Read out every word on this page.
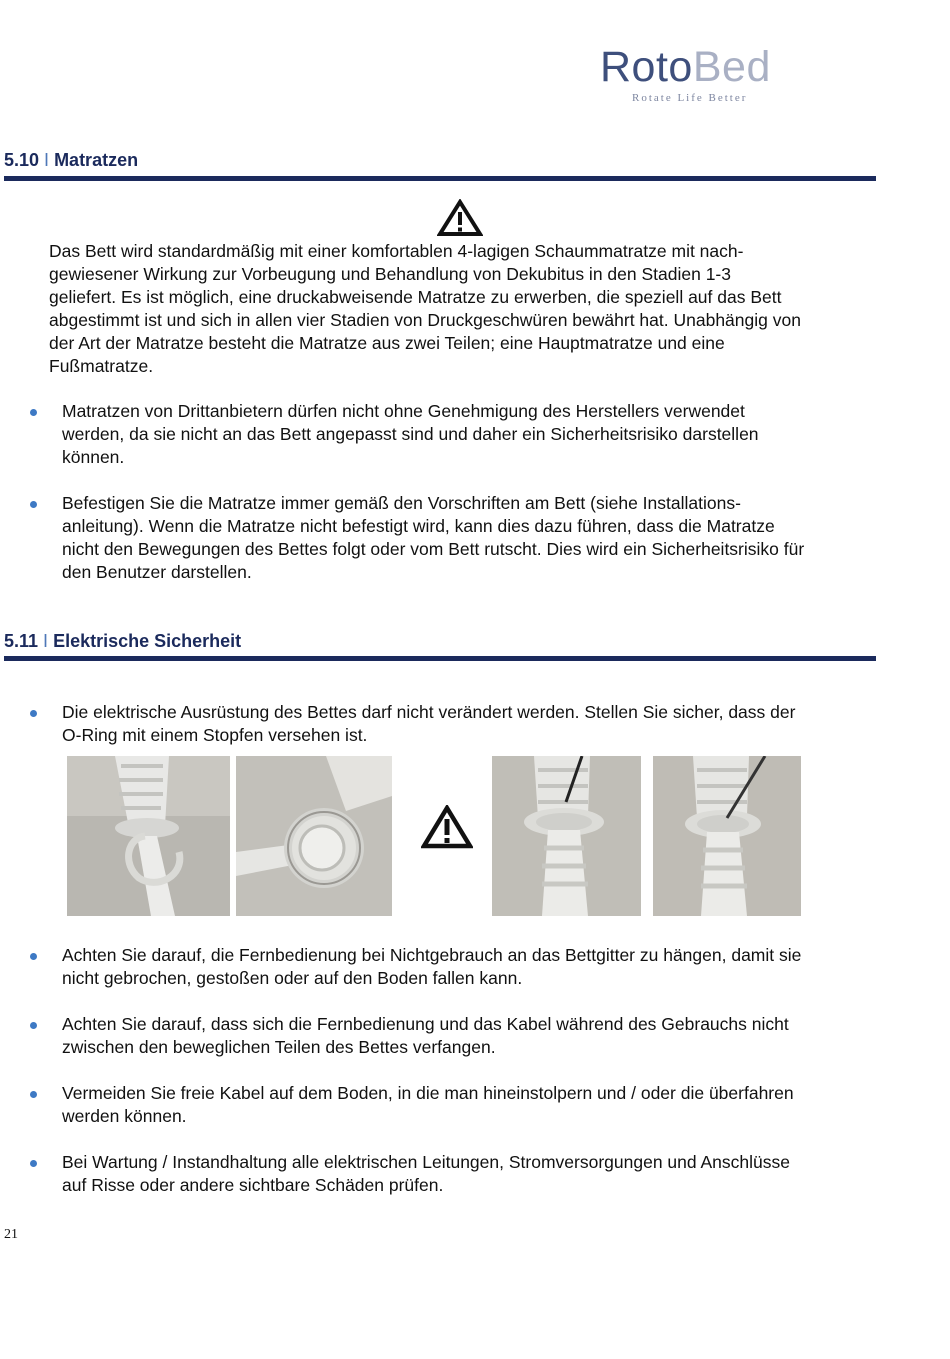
RotoBed
Rotate Life Better
5.10 I Matratzen
Das Bett wird standardmäßig mit einer komfortablen 4-lagigen Schaummatratze mit nach-
gewiesener Wirkung zur Vorbeugung und Behandlung von Dekubitus in den Stadien 1-3
geliefert. Es ist möglich, eine druckabweisende Matratze zu erwerben, die speziell auf das Bett
abgestimmt ist und sich in allen vier Stadien von Druckgeschwüren bewährt hat. Unabhängig von
der Art der Matratze besteht die Matratze aus zwei Teilen; eine Hauptmatratze und eine
Fußmatratze.
Matratzen von Drittanbietern dürfen nicht ohne Genehmigung des Herstellers verwendet
werden, da sie nicht an das Bett angepasst sind und daher ein Sicherheitsrisiko darstellen
können.
Befestigen Sie die Matratze immer gemäß den Vorschriften am Bett (siehe Installations-
anleitung). Wenn die Matratze nicht befestigt wird, kann dies dazu führen, dass die Matratze
nicht den Bewegungen des Bettes folgt oder vom Bett rutscht. Dies wird ein Sicherheitsrisiko für
den Benutzer darstellen.
5.11 I Elektrische Sicherheit
Die elektrische Ausrüstung des Bettes darf nicht verändert werden. Stellen Sie sicher, dass der
O-Ring mit einem Stopfen versehen ist.
Achten Sie darauf, die Fernbedienung bei Nichtgebrauch an das Bettgitter zu hängen, damit sie
nicht gebrochen, gestoßen oder auf den Boden fallen kann.
Achten Sie darauf, dass sich die Fernbedienung und das Kabel während des Gebrauchs nicht
zwischen den beweglichen Teilen des Bettes verfangen.
Vermeiden Sie freie Kabel auf dem Boden, in die man hineinstolpern und / oder die überfahren
werden können.
Bei Wartung / Instandhaltung alle elektrischen Leitungen, Stromversorgungen und Anschlüsse
auf Risse oder andere sichtbare Schäden prüfen.
21
